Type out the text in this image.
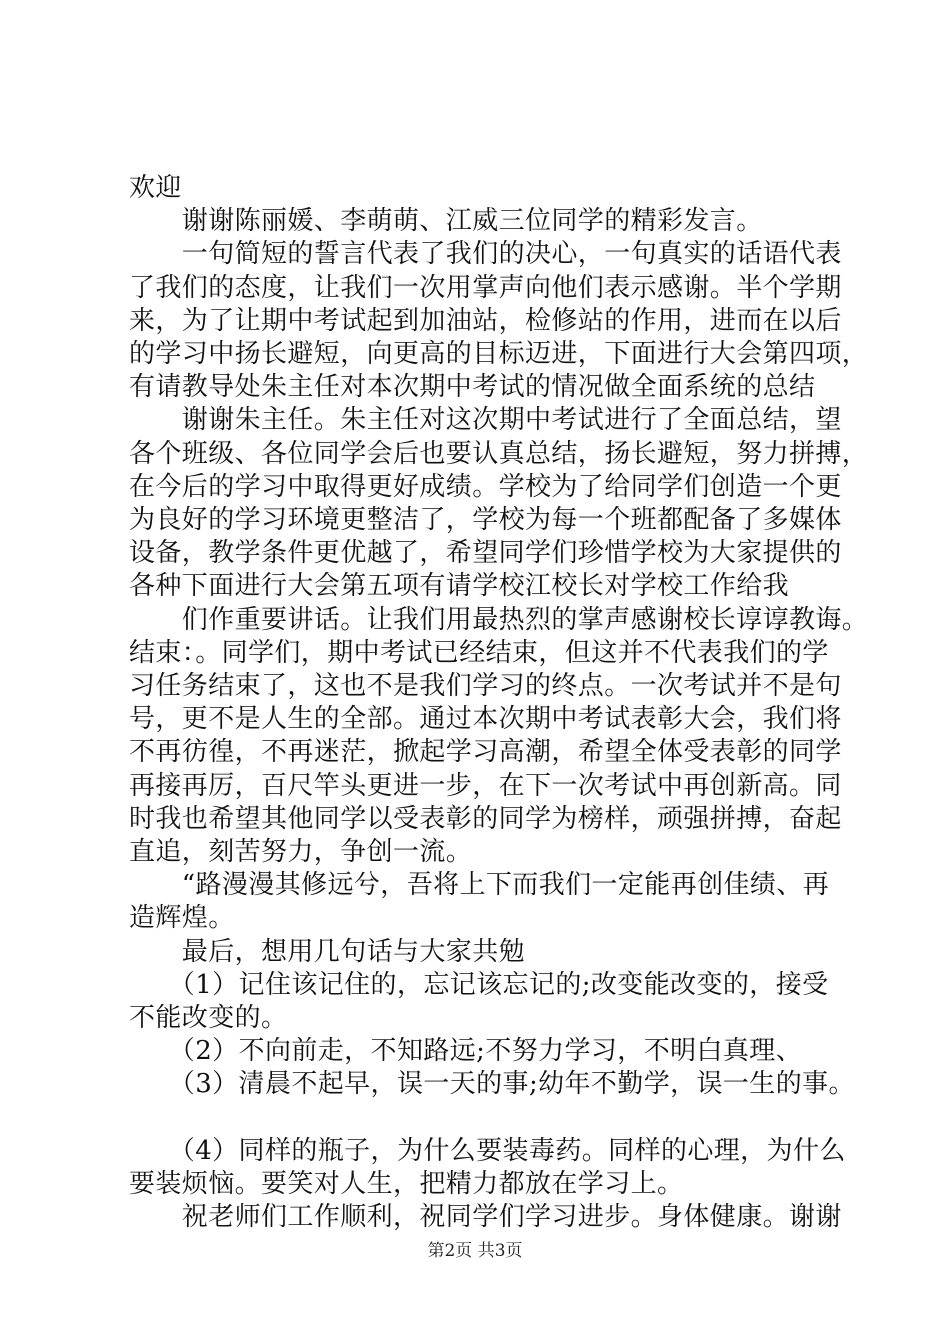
欢迎

　　谢谢陈丽媛、李萌萌、江威三位同学的精彩发言。

　　一句简短的誓言代表了我们的决心，一句真实的话语代表

了我们的态度，让我们一次用掌声向他们表示感谢。半个学期

来，为了让期中考试起到加油站，检修站的作用，进而在以后

的学习中扬长避短，向更高的目标迈进，下面进行大会第四项，

有请教导处朱主任对本次期中考试的情况做全面系统的总结

　　谢谢朱主任。朱主任对这次期中考试进行了全面总结，望

各个班级、各位同学会后也要认真总结，扬长避短，努力拼搏，

在今后的学习中取得更好成绩。学校为了给同学们创造一个更

为良好的学习环境更整洁了，学校为每一个班都配备了多媒体

设备，教学条件更优越了，希望同学们珍惜学校为大家提供的

各种下面进行大会第五项有请学校江校长对学校工作给我

　　们作重要讲话。让我们用最热烈的掌声感谢校长谆谆教诲。

结束：。同学们，期中考试已经结束，但这并不代表我们的学

习任务结束了，这也不是我们学习的终点。一次考试并不是句

号，更不是人生的全部。通过本次期中考试表彰大会，我们将

不再彷徨，不再迷茫，掀起学习高潮，希望全体受表彰的同学

再接再厉，百尺竿头更进一步，在下一次考试中再创新高。同

时我也希望其他同学以受表彰的同学为榜样，顽强拼搏，奋起

直追，刻苦努力，争创一流。

　　“路漫漫其修远兮，吾将上下而我们一定能再创佳绩、再

造辉煌。

　　最后，想用几句话与大家共勉

　　（1）记住该记住的，忘记该忘记的;改变能改变的，接受

不能改变的。

　　（2）不向前走，不知路远;不努力学习，不明白真理、

　　（3）清晨不起早，误一天的事;幼年不勤学，误一生的事。

　　（4）同样的瓶子，为什么要装毒药。同样的心理，为什么

要装烦恼。要笑对人生，把精力都放在学习上。

　　祝老师们工作顺利，祝同学们学习进步。身体健康。谢谢

第2页 共3页
